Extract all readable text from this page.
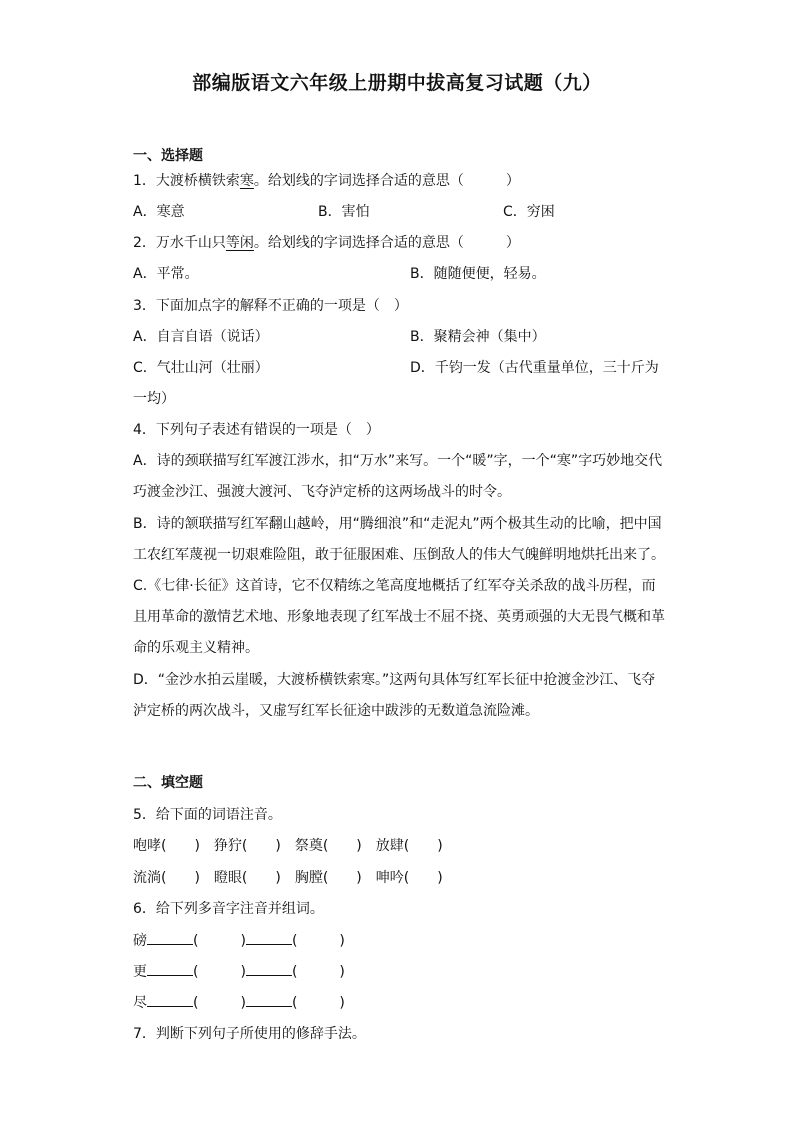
部编版语文六年级上册期中拔高复习试题（九）
一、选择题
1．大渡桥横铁索寒。给划线的字词选择合适的意思（　　　）
A．寒意	B．害怕	C．穷困
2．万水千山只等闲。给划线的字词选择合适的意思（　　　）
A．平常。	B．随随便便，轻易。
3．下面加点字的解释不正确的一项是（　）
A．自言自语（说话）	B．聚精会神（集中）
C．气壮山河（壮丽）	D．千钧一发（古代重量单位，三十斤为
一均）
4．下列句子表述有错误的一项是（　）
A．诗的颈联描写红军渡江涉水，扣“万水”来写。一个“暖”字，一个“寒”字巧妙地交代
巧渡金沙江、强渡大渡河、飞夺泸定桥的这两场战斗的时令。
B．诗的颔联描写红军翻山越岭，用“腾细浪”和“走泥丸”两个极其生动的比喻，把中国
工农红军蔑视一切艰难险阻，敢于征服困难、压倒敌人的伟大气魄鲜明地烘托出来了。
C.《七律·长征》这首诗，它不仅精练之笔高度地概括了红军夺关杀敌的战斗历程，而
且用革命的激情艺术地、形象地表现了红军战士不屈不挠、英勇顽强的大无畏气概和革
命的乐观主义精神。
D．“金沙水拍云崖暖，大渡桥横铁索寒。”这两句具体写红军长征中抢渡金沙江、飞夺
泸定桥的两次战斗，又虚写红军长征途中跋涉的无数道急流险滩。
二、填空题
5．给下面的词语注音。
咆哮(　　)　狰狞(　　)　祭奠(　　)　放肆(　　)
流淌(　　)　瞪眼(　　)　胸膛(　　)　呻吟(　　)
6．给下列多音字注音并组词。
磅	(　　　)	(　　　)
更	(　　　)	(　　　)
尽	(　　　)	(　　　)
7．判断下列句子所使用的修辞手法。
